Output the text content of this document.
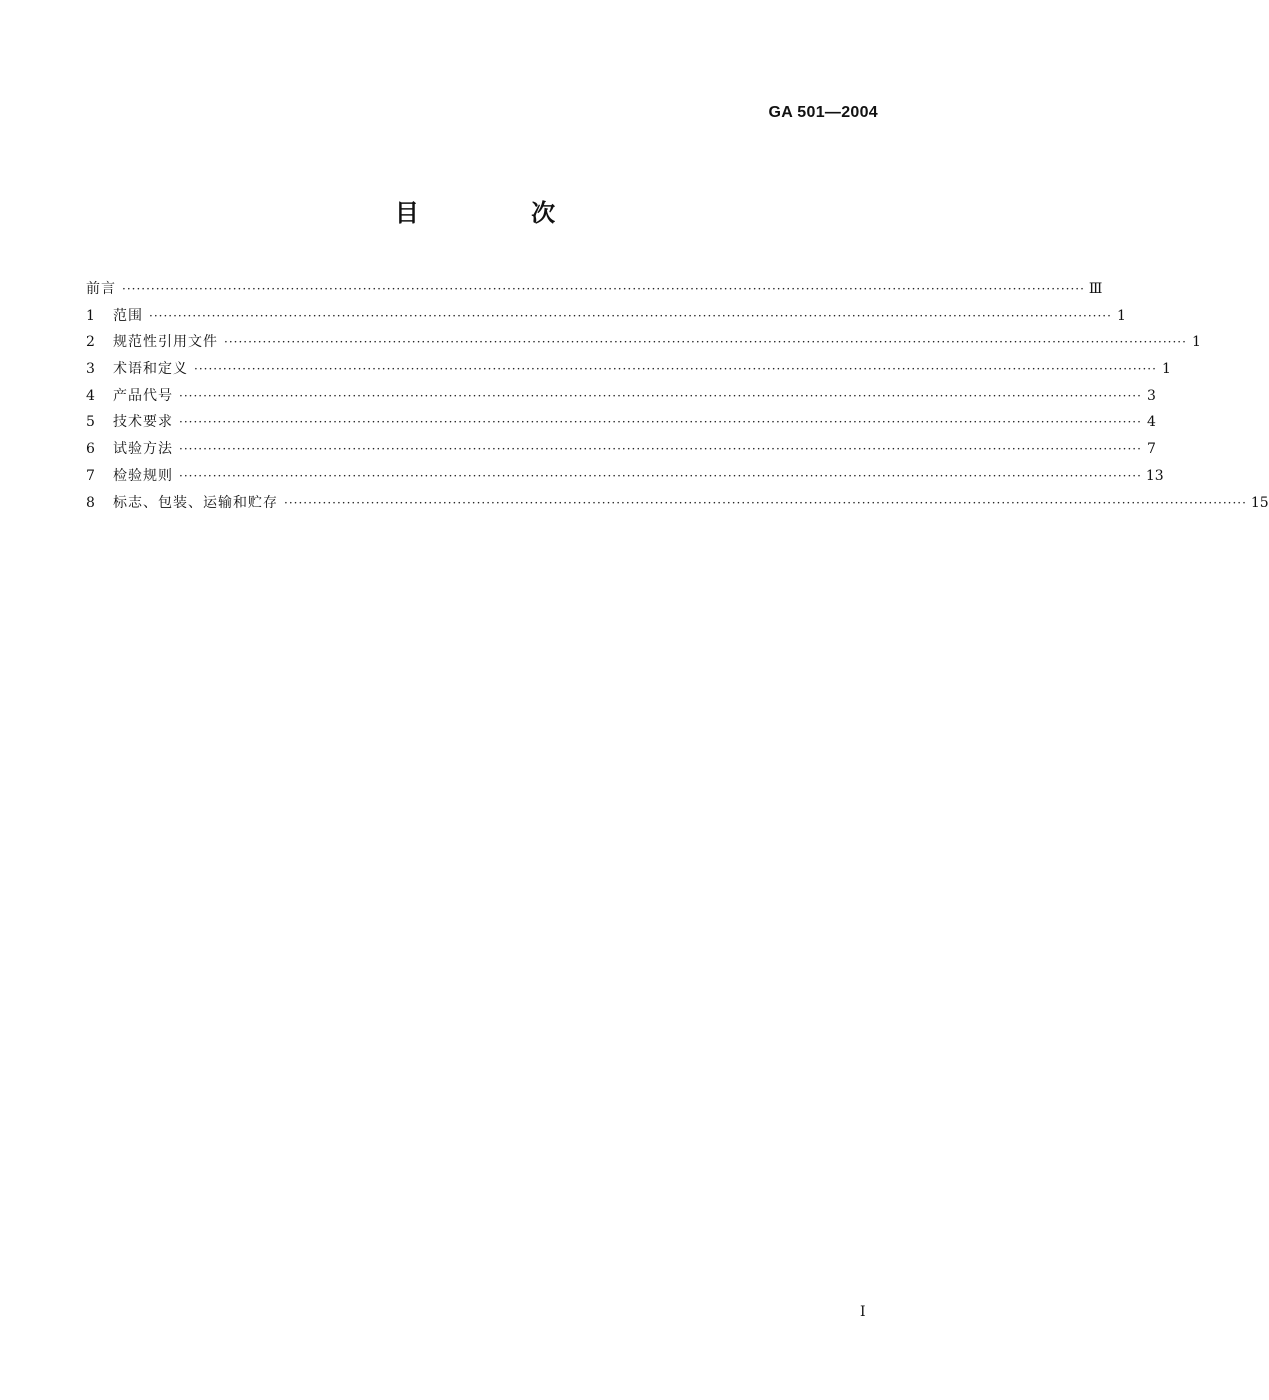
GA 501—2004
目 次
前言 ········································································································································································································ Ⅲ
1	范围 ········································································································································································································ 1
2	规范性引用文件 ········································································································································································································ 1
3	术语和定义 ········································································································································································································ 1
4	产品代号 ········································································································································································································ 3
5	技术要求 ········································································································································································································ 4
6	试验方法 ········································································································································································································ 7
7	检验规则 ········································································································································································································ 13
8	标志、包装、运输和贮存 ········································································································································································································ 15
I
